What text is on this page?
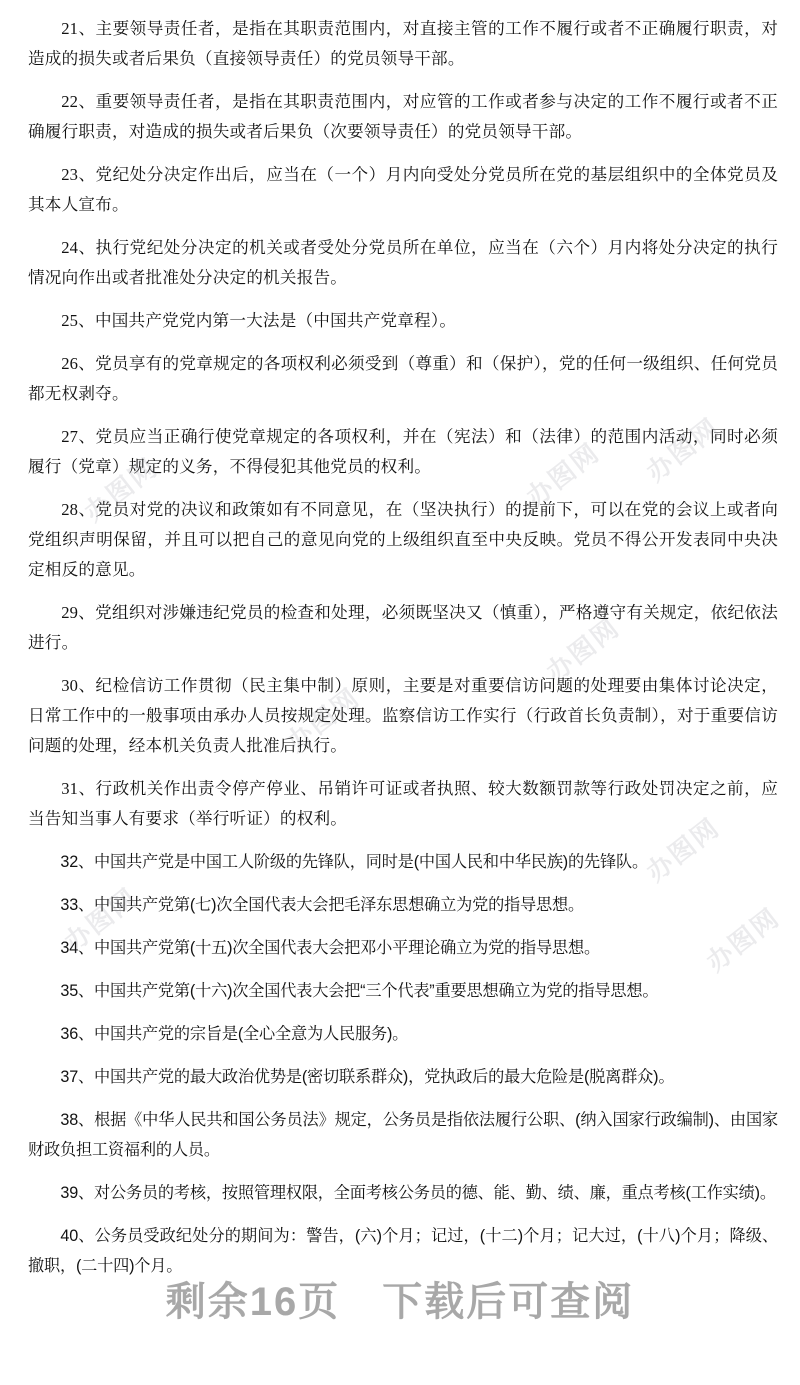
办图网	办图网 办图网
办图网
办图网
办图网
办图网
办图网

21、主要领导责任者，是指在其职责范围内，对直接主管的工作不履行或者不正确履行职责，对造成的损失或者后果负（直接领导责任）的党员领导干部。

22、重要领导责任者，是指在其职责范围内，对应管的工作或者参与决定的工作不履行或者不正确履行职责，对造成的损失或者后果负（次要领导责任）的党员领导干部。

23、党纪处分决定作出后，应当在（一个）月内向受处分党员所在党的基层组织中的全体党员及其本人宣布。

24、执行党纪处分决定的机关或者受处分党员所在单位，应当在（六个）月内将处分决定的执行情况向作出或者批准处分决定的机关报告。

25、中国共产党党内第一大法是（中国共产党章程）。

26、党员享有的党章规定的各项权利必须受到（尊重）和（保护），党的任何一级组织、任何党员都无权剥夺。

27、党员应当正确行使党章规定的各项权利，并在（宪法）和（法律）的范围内活动，同时必须履行（党章）规定的义务，不得侵犯其他党员的权利。

28、党员对党的决议和政策如有不同意见，在（坚决执行）的提前下，可以在党的会议上或者向党组织声明保留，并且可以把自己的意见向党的上级组织直至中央反映。党员不得公开发表同中央决定相反的意见。

29、党组织对涉嫌违纪党员的检查和处理，必须既坚决又（慎重），严格遵守有关规定，依纪依法进行。

30、纪检信访工作贯彻（民主集中制）原则，主要是对重要信访问题的处理要由集体讨论决定，日常工作中的一般事项由承办人员按规定处理。监察信访工作实行（行政首长负责制），对于重要信访问题的处理，经本机关负责人批准后执行。

31、行政机关作出责令停产停业、吊销许可证或者执照、较大数额罚款等行政处罚决定之前，应当告知当事人有要求（举行听证）的权利。

32、中国共产党是中国工人阶级的先锋队，同时是(中国人民和中华民族)的先锋队。

33、中国共产党第(七)次全国代表大会把毛泽东思想确立为党的指导思想。

34、中国共产党第(十五)次全国代表大会把邓小平理论确立为党的指导思想。

35、中国共产党第(十六)次全国代表大会把“三个代表”重要思想确立为党的指导思想。

36、中国共产党的宗旨是(全心全意为人民服务)。

37、中国共产党的最大政治优势是(密切联系群众)，党执政后的最大危险是(脱离群众)。

38、根据《中华人民共和国公务员法》规定，公务员是指依法履行公职、(纳入国家行政编制)、由国家财政负担工资福利的人员。

39、对公务员的考核，按照管理权限，全面考核公务员的德、能、勤、绩、廉，重点考核(工作实绩)。

40、公务员受政纪处分的期间为：警告，(六)个月；记过，(十二)个月；记大过，(十八)个月；降级、撤职，(二十四)个月。

剩余16页　下载后可查阅
